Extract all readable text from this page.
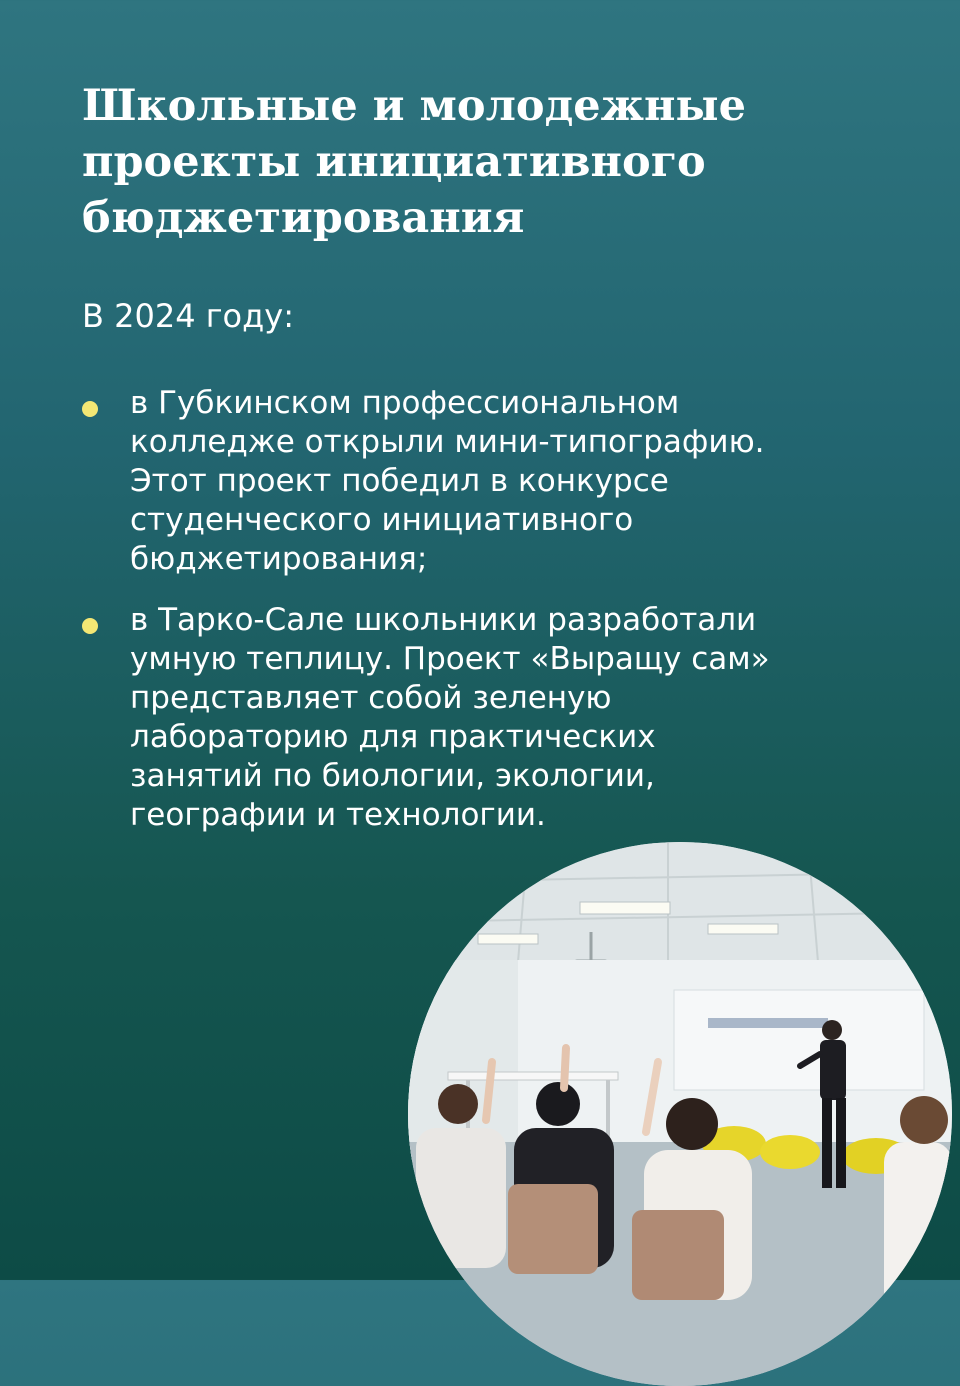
Школьные и молодежные
проекты инициативного
бюджетирования

В 2024 году:

в Губкинском профессиональном
колледже открыли мини-типографию.
Этот проект победил в конкурсе
студенческого инициативного
бюджетирования;
в Тарко-Сале школьники разработали
умную теплицу. Проект «Выращу сам»
представляет собой зеленую
лабораторию для практических
занятий по биологии, экологии,
географии и технологии.
